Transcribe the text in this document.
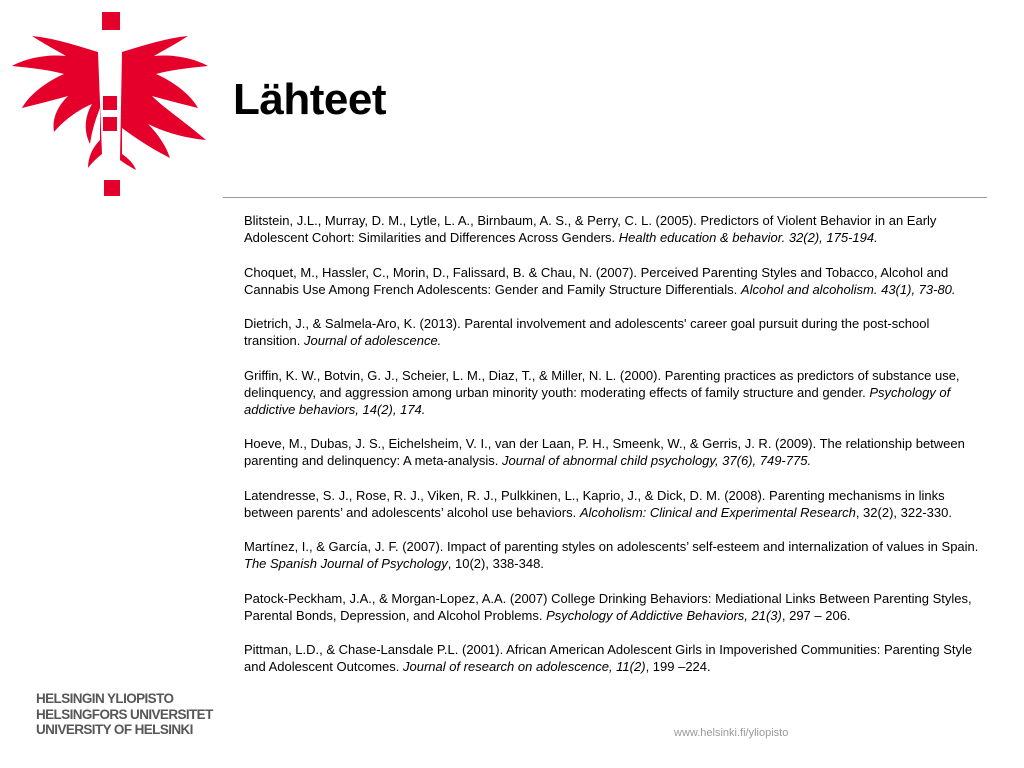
Lähteet

Blitstein, J.L., Murray, D. M., Lytle, L. A., Birnbaum, A. S., & Perry, C. L. (2005). Predictors of Violent Behavior in an Early Adolescent Cohort: Similarities and Differences Across Genders. Health education & behavior. 32(2), 175-194.

Choquet, M., Hassler, C., Morin, D., Falissard, B. & Chau, N. (2007). Perceived Parenting Styles and Tobacco, Alcohol and Cannabis Use Among French Adolescents: Gender and Family Structure Differentials. Alcohol and alcoholism. 43(1), 73-80.

Dietrich, J., & Salmela-Aro, K. (2013). Parental involvement and adolescents' career goal pursuit during the post-school transition. Journal of adolescence.

Griffin, K. W., Botvin, G. J., Scheier, L. M., Diaz, T., & Miller, N. L. (2000). Parenting practices as predictors of substance use, delinquency, and aggression among urban minority youth: moderating effects of family structure and gender. Psychology of addictive behaviors, 14(2), 174.

Hoeve, M., Dubas, J. S., Eichelsheim, V. I., van der Laan, P. H., Smeenk, W., & Gerris, J. R. (2009). The relationship between parenting and delinquency: A meta-analysis. Journal of abnormal child psychology, 37(6), 749-775.

Latendresse, S. J., Rose, R. J., Viken, R. J., Pulkkinen, L., Kaprio, J., & Dick, D. M. (2008). Parenting mechanisms in links between parents’ and adolescents’ alcohol use behaviors. Alcoholism: Clinical and Experimental Research, 32(2), 322-330.

Martínez, I., & García, J. F. (2007). Impact of parenting styles on adolescents’ self-esteem and internalization of values in Spain. The Spanish Journal of Psychology, 10(2), 338-348.

Patock-Peckham, J.A., & Morgan-Lopez, A.A. (2007) College Drinking Behaviors: Mediational Links Between Parenting Styles, Parental Bonds, Depression, and Alcohol Problems. Psychology of Addictive Behaviors, 21(3), 297 – 206.

Pittman, L.D., & Chase-Lansdale P.L. (2001). African American Adolescent Girls in Impoverished Communities: Parenting Style and Adolescent Outcomes. Journal of research on adolescence, 11(2), 199 –224.

HELSINGIN YLIOPISTO
HELSINGFORS UNIVERSITET
UNIVERSITY OF HELSINKI	www.helsinki.fi/yliopisto
